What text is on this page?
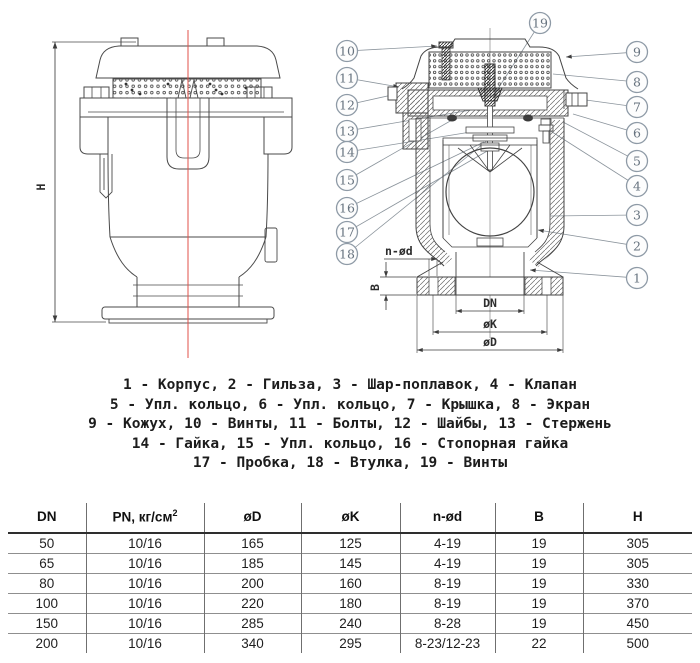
H
n-ød
B
DN
øK
øD
19
10
11
12
13
14
15
16
17
18
9
8
7
6
5
4
3
2
1
1 - Корпус, 2 - Гильза, 3 - Шар-поплавок, 4 - Клапан
5 - Упл. кольцо, 6 - Упл. кольцо, 7 - Крышка, 8 - Экран
9 - Кожух, 10 - Винты, 11 - Болты, 12 - Шайбы, 13 - Стержень
14 - Гайка, 15 - Упл. кольцо, 16 - Стопорная гайка
17 - Пробка, 18 - Втулка, 19 - Винты
DN	PN, $кг/см^2$	øD	øK	n-ød	B	H
50	10/16	165	125	4-19	19	305
65	10/16	185	145	4-19	19	305
80	10/16	200	160	8-19	19	330
100	10/16	220	180	8-19	19	370
150	10/16	285	240	8-28	19	450
200	10/16	340	295	8-23/12-23	22	500
